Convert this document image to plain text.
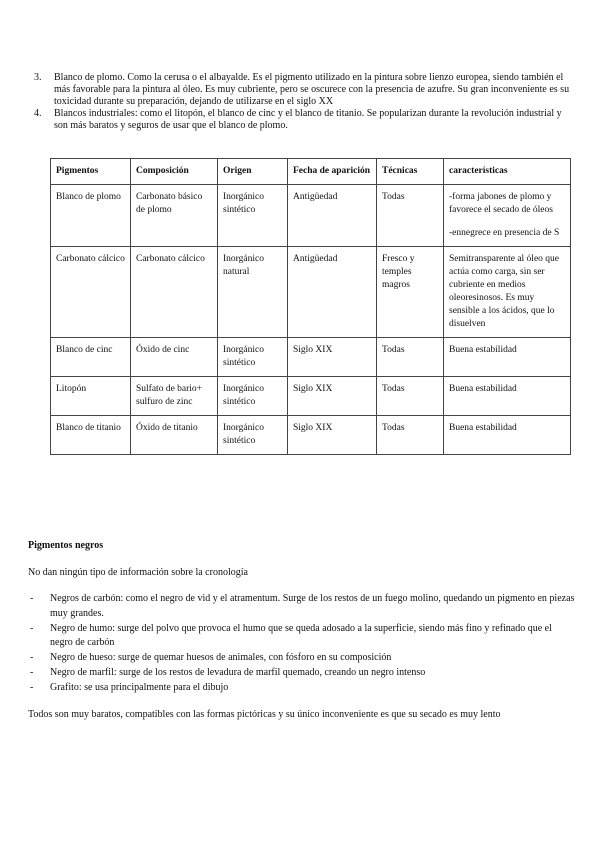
3.	Blanco de plomo. Como la cerusa o el albayalde. Es el pigmento utilizado en la pintura sobre lienzo europea, siendo también el más favorable para la pintura al óleo. Es muy cubriente, pero se oscurece con la presencia de azufre. Su gran inconveniente es su toxicidad durante su preparación, dejando de utilizarse en el siglo XX
4.	Blancos industriales: como el litopón, el blanco de cinc y el blanco de titanio. Se popularizan durante la revolución industrial y son más baratos y seguros de usar que el blanco de plomo.
Pigmentos	Composición	Origen	Fecha de aparición	Técnicas	características
Blanco de plomo	Carbonato básico de plomo	Inorgánico sintético	Antigüedad	Todas	-forma jabones de plomo y favorece el secado de óleos
-ennegrece en presencia de S
Carbonato cálcico	Carbonato cálcico	Inorgánico natural	Antigüedad	Fresco y temples magros	Semitransparente al óleo que actúa como carga, sin ser cubriente en medios oleoresinosos. Es muy sensible a los ácidos, que lo disuelven
Blanco de cinc	Óxido de cinc	Inorgánico sintético	Siglo XIX	Todas	Buena estabilidad
Litopón	Sulfato de bario+ sulfuro de zinc	Inorgánico sintético	Siglo XIX	Todas	Buena estabilidad
Blanco de titanio	Óxido de titanio	Inorgánico sintético	Siglo XIX	Todas	Buena estabilidad
Pigmentos negros
No dan ningún tipo de información sobre la cronología
-	Negros de carbón: como el negro de vid y el atramentum. Surge de los restos de un fuego molino, quedando un pigmento en piezas muy grandes.
-	Negro de humo: surge del polvo que provoca el humo que se queda adosado a la superficie, siendo más fino y refinado que el negro de carbón
-	Negro de hueso: surge de quemar huesos de animales, con fósforo en su composición
-	Negro de marfil: surge de los restos de levadura de marfil quemado, creando un negro intenso
-	Grafito: se usa principalmente para el dibujo
Todos son muy baratos, compatibles con las formas pictóricas y su único inconveniente es que su secado es muy lento
